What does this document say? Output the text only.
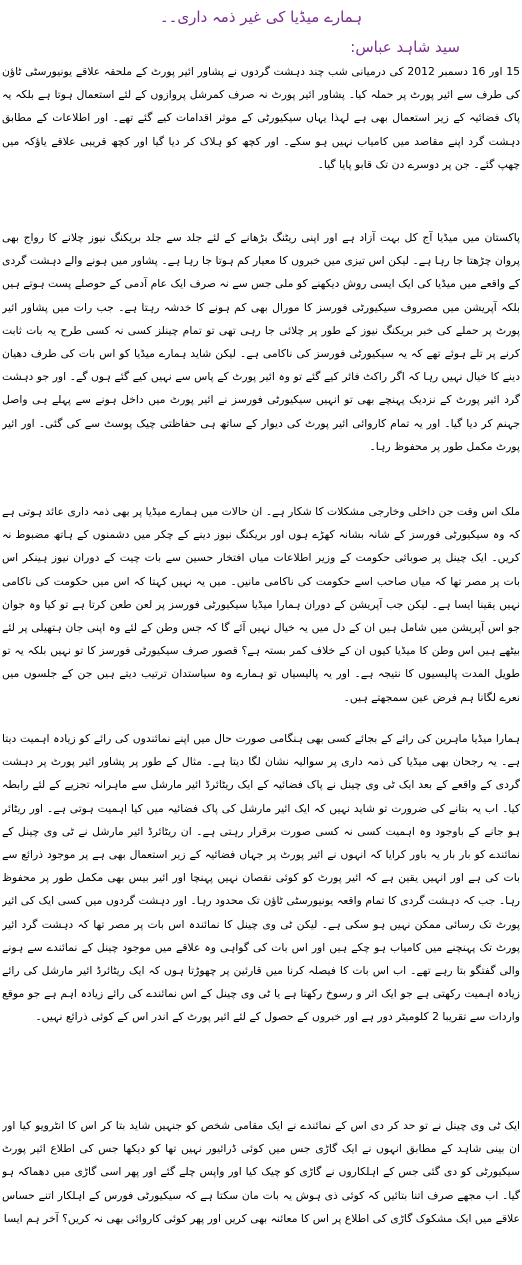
ہمارے میڈیا کی غیر ذمہ داری۔۔
سید شاہد عباس:

15 اور 16 دسمبر 2012 کی درمیانی شب چند دہشت گردوں نے پشاور ائیر پورٹ کے ملحقہ علاقے یونیورسٹی ٹاؤن کی طرف سے ائیر پورٹ پر حملہ کیا۔ پشاور ائیر پورٹ نہ صرف کمرشل پروازوں کے لئے استعمال ہوتا ہے بلکہ یہ پاک فضائیہ کے زیر استعمال بھی ہے لہذا یہاں سیکیورٹی کے موثر اقدامات کیے گئے تھے۔ اور اطلاعات کے مطابق دہشت گرد اپنے مقاصد میں کامیاب نہیں ہو سکے۔ اور کچھ کو ہلاک کر دیا گیا اور کچھ قریبی علاقے یاؤکہ میں چھپ گئے۔ جن پر دوسرے دن تک قابو پایا گیا۔

پاکستان میں میڈیا آج کل بہت آزاد ہے اور اپنی ریٹنگ بڑھانے کے لئے جلد سے جلد بریکنگ نیوز چلانے کا رواج بھی پروان چڑھتا جا رہا ہے۔ لیکن اس تیزی میں خبروں کا معیار کم ہوتا جا رہا ہے۔ پشاور میں ہونے والے دہشت گردی کے واقعے میں میڈیا کی ایک ایسی روش دیکھنے کو ملی جس سے نہ صرف ایک عام آدمی کے حوصلے پست ہوتے ہیں بلکہ آپریشن میں مصروف سیکیورٹی فورسز کا مورال بھی کم ہونے کا خدشہ رہتا ہے۔ جب رات میں پشاور ائیر پورٹ پر حملے کی خبر بریکنگ نیوز کے طور پر چلائی جا رہی تھی تو تمام چینلز کسی نہ کسی طرح یہ بات ثابت کرنے پر تلے ہوئے تھے کہ یہ سیکیورٹی فورسز کی ناکامی ہے۔ لیکن شاید ہمارے میڈیا کو اس بات کی طرف دھیان دینے کا خیال نہیں رہا کہ اگر راکٹ فائر کیے گئے تو وہ ائیر پورٹ کے پاس سے نہیں کیے گئے ہوں گے۔ اور جو دہشت گرد ائیر پورٹ کے نزدیک پہنچے بھی تو انہیں سیکیورٹی فورسز نے ائیر پورٹ میں داخل ہونے سے پہلے ہی واصل جہنم کر دیا گیا۔ اور یہ تمام کاروائی ائیر پورٹ کی دیوار کے ساتھ ہی حفاظتی چیک پوسٹ سے کی گئی۔ اور ائیر پورٹ مکمل طور پر محفوظ رہا۔

ملک اس وقت جن داخلی وخارجی مشکلات کا شکار ہے۔ ان حالات میں ہمارے میڈیا پر بھی ذمہ داری عائد ہوتی ہے کہ وہ سیکیورٹی فورسز کے شانہ بشانہ کھڑے ہوں اور بریکنگ نیوز دینے کے چکر میں دشمنوں کے ہاتھ مضبوط نہ کریں۔ ایک چینل پر صوبائی حکومت کے وزیر اطلاعات میاں افتخار حسین سے بات چیت کے دوران نیوز ہینکر اس بات پر مصر تھا کہ میاں صاحب اسے حکومت کی ناکامی مانیں۔ میں یہ نہیں کہتا کہ اس میں حکومت کی ناکامی نہیں یقینا ایسا ہے۔ لیکن جب آپریشن کے دوران ہمارا میڈیا سیکیورٹی فورسز پر لعن طعن کرتا ہے تو کیا وہ جوان جو اس آپریشن میں شامل ہیں ان کے دل میں یہ خیال نہیں آئے گا کہ جس وطن کے لئے وہ اپنی جان ہتھیلی پر لئے بیٹھے ہیں اس وطن کا میڈیا کیوں ان کے خلاف کمر بستہ ہے؟ قصور صرف سیکیورٹی فورسز کا تو نہیں بلکہ یہ تو طویل المدت پالیسیوں کا نتیجہ ہے۔ اور یہ پالیسیاں تو ہمارے وہ سیاستدان ترتیب دیتے ہیں جن کے جلسوں میں نعرے لگانا ہم فرض عین سمجھتے ہیں۔

ہمارا میڈیا ماہرین کی رائے کے بجائے کسی بھی ہنگامی صورت حال میں اپنے نمائندوں کی رائے کو زیادہ اہمیت دیتا ہے۔ یہ رجحان بھی میڈیا کی ذمہ داری پر سوالیہ نشان لگا دیتا ہے۔ مثال کے طور پر پشاور ائیر پورٹ پر دہشت گردی کے واقعے کے بعد ایک ٹی وی چینل نے پاک فضائیہ کے ایک ریٹائرڈ ائیر مارشل سے ماہرانہ تجزیے کے لئے رابطہ کیا۔ اب یہ بتانے کی ضرورت تو شاید نہیں کہ ایک ائیر مارشل کی پاک فضائیہ میں کیا اہمیت ہوتی ہے۔ اور ریٹائر ہو جانے کے باوجود وہ اہمیت کسی نہ کسی صورت برقرار رہتی ہے۔ ان ریٹائرڈ ائیر مارشل نے ٹی وی چینل کے نمائندے کو بار بار یہ باور کرایا کہ انہوں نے ائیر پورٹ پر جہاں فضائیہ کے زیر استعمال بھی ہے پر موجود ذرائع سے بات کی ہے اور انہیں یقین ہے کہ ائیر پورٹ کو کوئی نقصان نہیں پہنچا اور ائیر بیس بھی مکمل طور پر محفوظ رہا۔ جب کہ دہشت گردی کا تمام واقعہ یونیورسٹی ٹاؤن تک محدود رہا۔ اور دہشت گردوں میں کسی ایک کی ائیر پورٹ تک رسائی ممکن نہیں ہو سکی ہے۔ لیکن ٹی وی چینل کا نمائندہ اس بات پر مصر تھا کہ دہشت گرد ائیر پورٹ تک پہنچنے میں کامیاب ہو چکے ہیں اور اس بات کی گواہی وہ علاقے میں موجود چینل کے نمائندے سے ہونے والی گفتگو بتا رہے تھے۔ اب اس بات کا فیصلہ کرنا میں قارئین پر چھوڑتا ہوں کہ ایک ریٹائرڈ ائیر مارشل کی رائے زیادہ اہمیت رکھتی ہے جو ایک اثر و رسوخ رکھتا ہے یا ٹی وی چینل کے اس نمائندے کی رائے زیادہ اہم ہے جو موقع واردات سے تقریبا 2 کلومیٹر دور ہے اور خبروں کے حصول کے لئے ائیر پورٹ کے اندر اس کے کوئی ذرائع نہیں۔

ایک ٹی وی چینل نے تو حد کر دی اس کے نمائندے نے ایک مقامی شخص کو جنہیں شاید بتا کر اس کا انٹرویو کیا اور ان بینی شاہد کے مطابق انہوں نے ایک گاڑی جس میں کوئی ڈرائیور نہیں تھا کو دیکھا جس کی اطلاع ائیر پورٹ سیکیورٹی کو دی گئی جس کے اہلکاروں نے گاڑی کو چیک کیا اور واپس چلے گئے اور پھر اسی گاڑی میں دھماکہ ہو گیا۔ اب مجھے صرف اتنا بتائیں کہ کوئی ذی ہوش یہ بات مان سکتا ہے کہ سیکیورٹی فورس کے اہلکار اتنے حساس علاقے میں ایک مشکوک گاڑی کی اطلاع پر اس کا معائنہ بھی کریں اور پھر کوئی کاروائی بھی نہ کریں؟ آخر ہم ایسا
